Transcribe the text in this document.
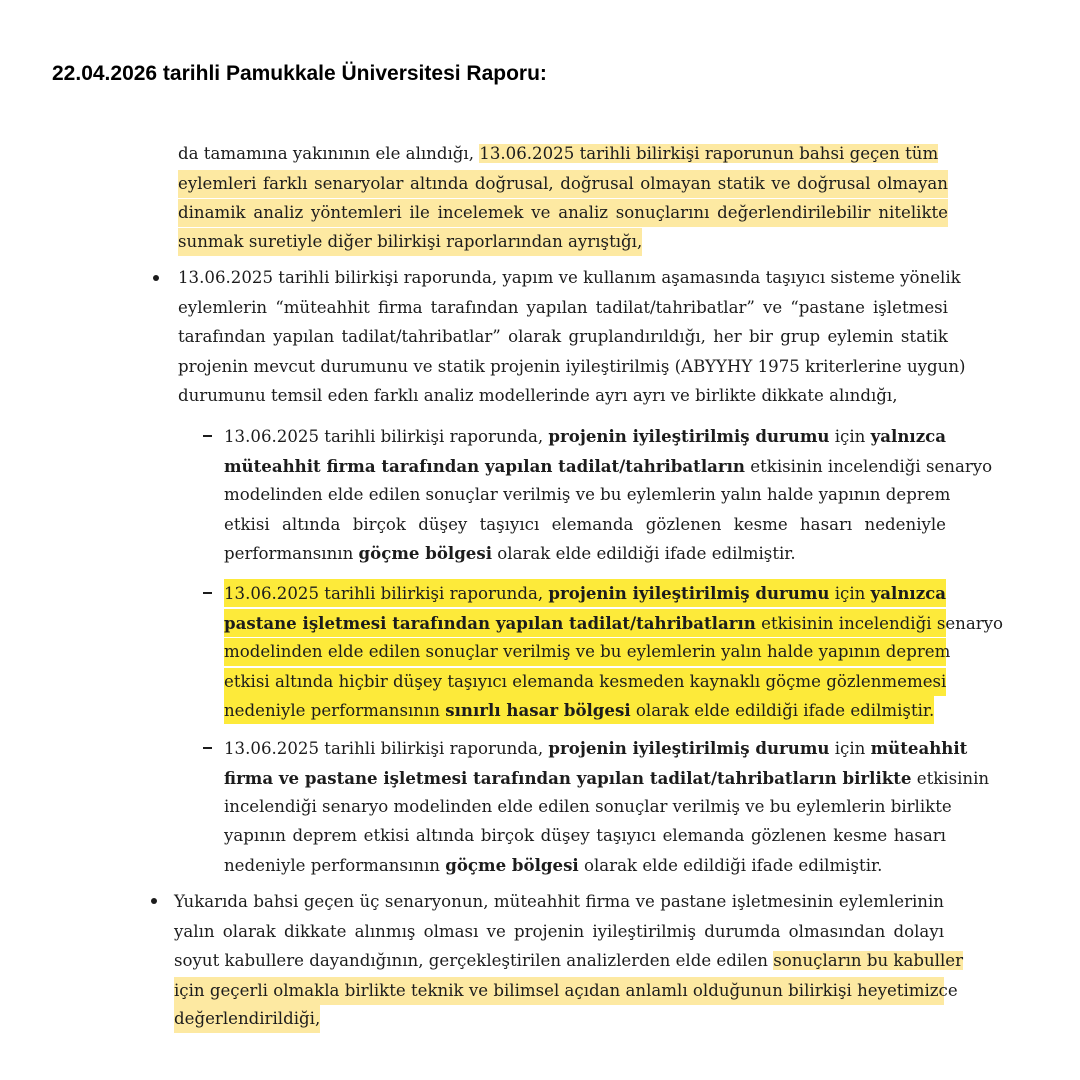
22.04.2026 tarihli Pamukkale Üniversitesi Raporu:
da tamamına yakınının ele alındığı, 13.06.2025 tarihli bilirkişi raporunun bahsi geçen tüm
eylemleri farklı senaryolar altında doğrusal, doğrusal olmayan statik ve doğrusal olmayan
dinamik analiz yöntemleri ile incelemek ve analiz sonuçlarını değerlendirilebilir nitelikte
sunmak suretiyle diğer bilirkişi raporlarından ayrıştığı,
13.06.2025 tarihli bilirkişi raporunda, yapım ve kullanım aşamasında taşıyıcı sisteme yönelik
eylemlerin “müteahhit firma tarafından yapılan tadilat/tahribatlar” ve “pastane işletmesi
tarafından yapılan tadilat/tahribatlar” olarak gruplandırıldığı, her bir grup eylemin statik
projenin mevcut durumunu ve statik projenin iyileştirilmiş (ABYYHY 1975 kriterlerine uygun)
durumunu temsil eden farklı analiz modellerinde ayrı ayrı ve birlikte dikkate alındığı,
13.06.2025 tarihli bilirkişi raporunda, projenin iyileştirilmiş durumu için yalnızca
müteahhit firma tarafından yapılan tadilat/tahribatların etkisinin incelendiği senaryo
modelinden elde edilen sonuçlar verilmiş ve bu eylemlerin yalın halde yapının deprem
etkisi altında birçok düşey taşıyıcı elemanda gözlenen kesme hasarı nedeniyle
performansının göçme bölgesi olarak elde edildiği ifade edilmiştir.
13.06.2025 tarihli bilirkişi raporunda, projenin iyileştirilmiş durumu için yalnızca
pastane işletmesi tarafından yapılan tadilat/tahribatların etkisinin incelendiği senaryo
modelinden elde edilen sonuçlar verilmiş ve bu eylemlerin yalın halde yapının deprem
etkisi altında hiçbir düşey taşıyıcı elemanda kesmeden kaynaklı göçme gözlenmemesi
nedeniyle performansının sınırlı hasar bölgesi olarak elde edildiği ifade edilmiştir.
13.06.2025 tarihli bilirkişi raporunda, projenin iyileştirilmiş durumu için müteahhit
firma ve pastane işletmesi tarafından yapılan tadilat/tahribatların birlikte etkisinin
incelendiği senaryo modelinden elde edilen sonuçlar verilmiş ve bu eylemlerin birlikte
yapının deprem etkisi altında birçok düşey taşıyıcı elemanda gözlenen kesme hasarı
nedeniyle performansının göçme bölgesi olarak elde edildiği ifade edilmiştir.
Yukarıda bahsi geçen üç senaryonun, müteahhit firma ve pastane işletmesinin eylemlerinin
yalın olarak dikkate alınmış olması ve projenin iyileştirilmiş durumda olmasından dolayı
soyut kabullere dayandığının, gerçekleştirilen analizlerden elde edilen sonuçların bu kabuller
için geçerli olmakla birlikte teknik ve bilimsel açıdan anlamlı olduğunun bilirkişi heyetimizce
değerlendirildiği,
